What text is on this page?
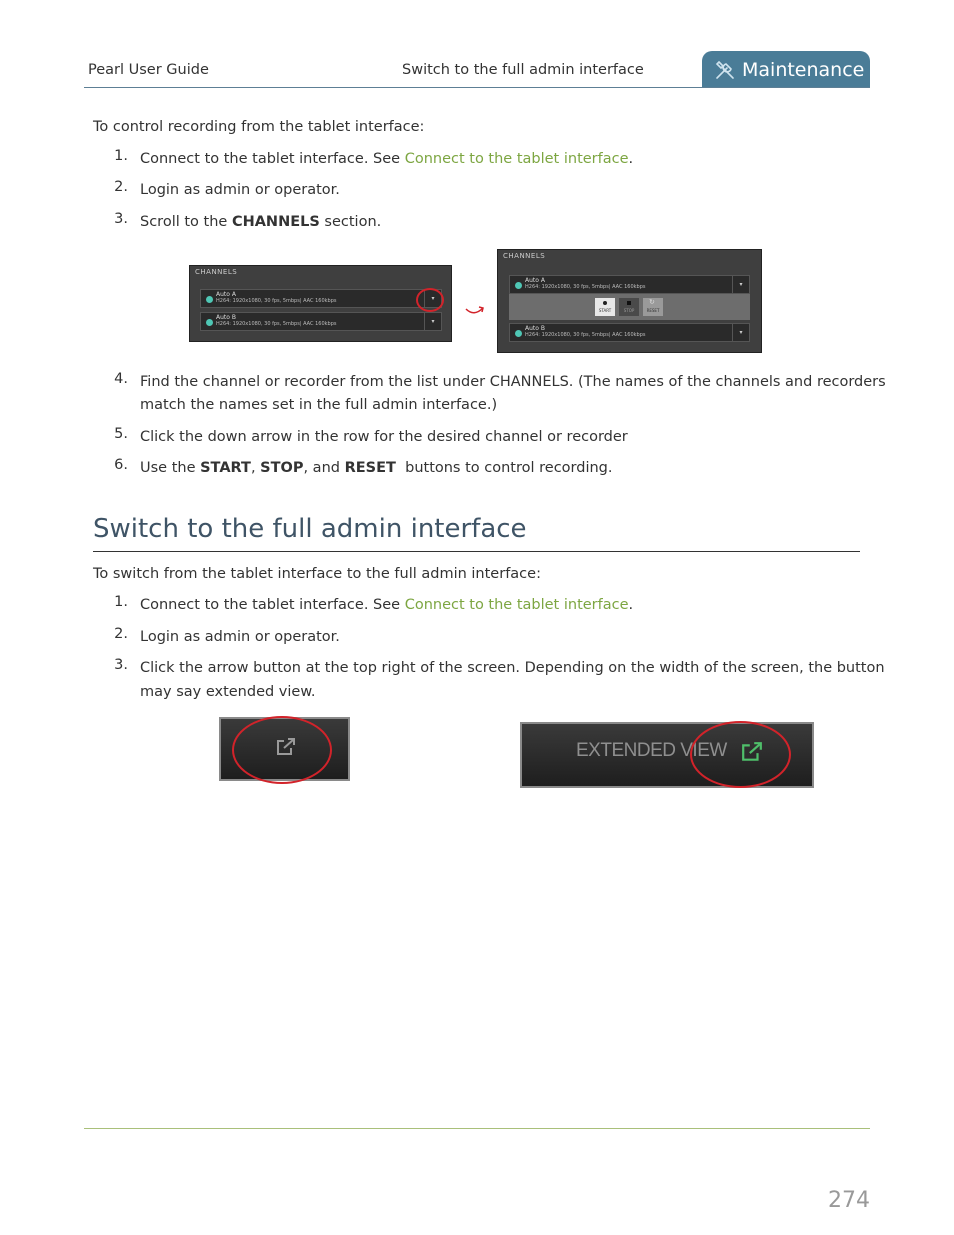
Pearl User Guide	Switch to the full admin interface	Maintenance
To control recording from the tablet interface:
1. Connect to the tablet interface. See Connect to the tablet interface.
2. Login as admin or operator.
3. Scroll to the CHANNELS section.
CHANNELS
Auto A
H264: 1920x1080, 30 fps, 5mbps| AAC 160kbps	▾
Auto B
H264: 1920x1080, 30 fps, 5mbps| AAC 160kbps	▾
CHANNELS
Auto A
H264: 1920x1080, 30 fps, 5mbps| AAC 160kbps	▾
START	STOP
↻
RESET
Auto B
H264: 1920x1080, 30 fps, 5mbps| AAC 160kbps	▾
4. Find the channel or recorder from the list under CHANNELS. (The names of the channels and recorders
match the names set in the full admin interface.)
5. Click the down arrow in the row for the desired channel or recorder
6. Use the START, STOP, and RESET  buttons to control recording.
Switch to the full admin interface
To switch from the tablet interface to the full admin interface:
1. Connect to the tablet interface. See Connect to the tablet interface.
2. Login as admin or operator.
3. Click the arrow button at the top right of the screen. Depending on the width of the screen, the button
may say extended view.
EXTENDED VIEW
274
